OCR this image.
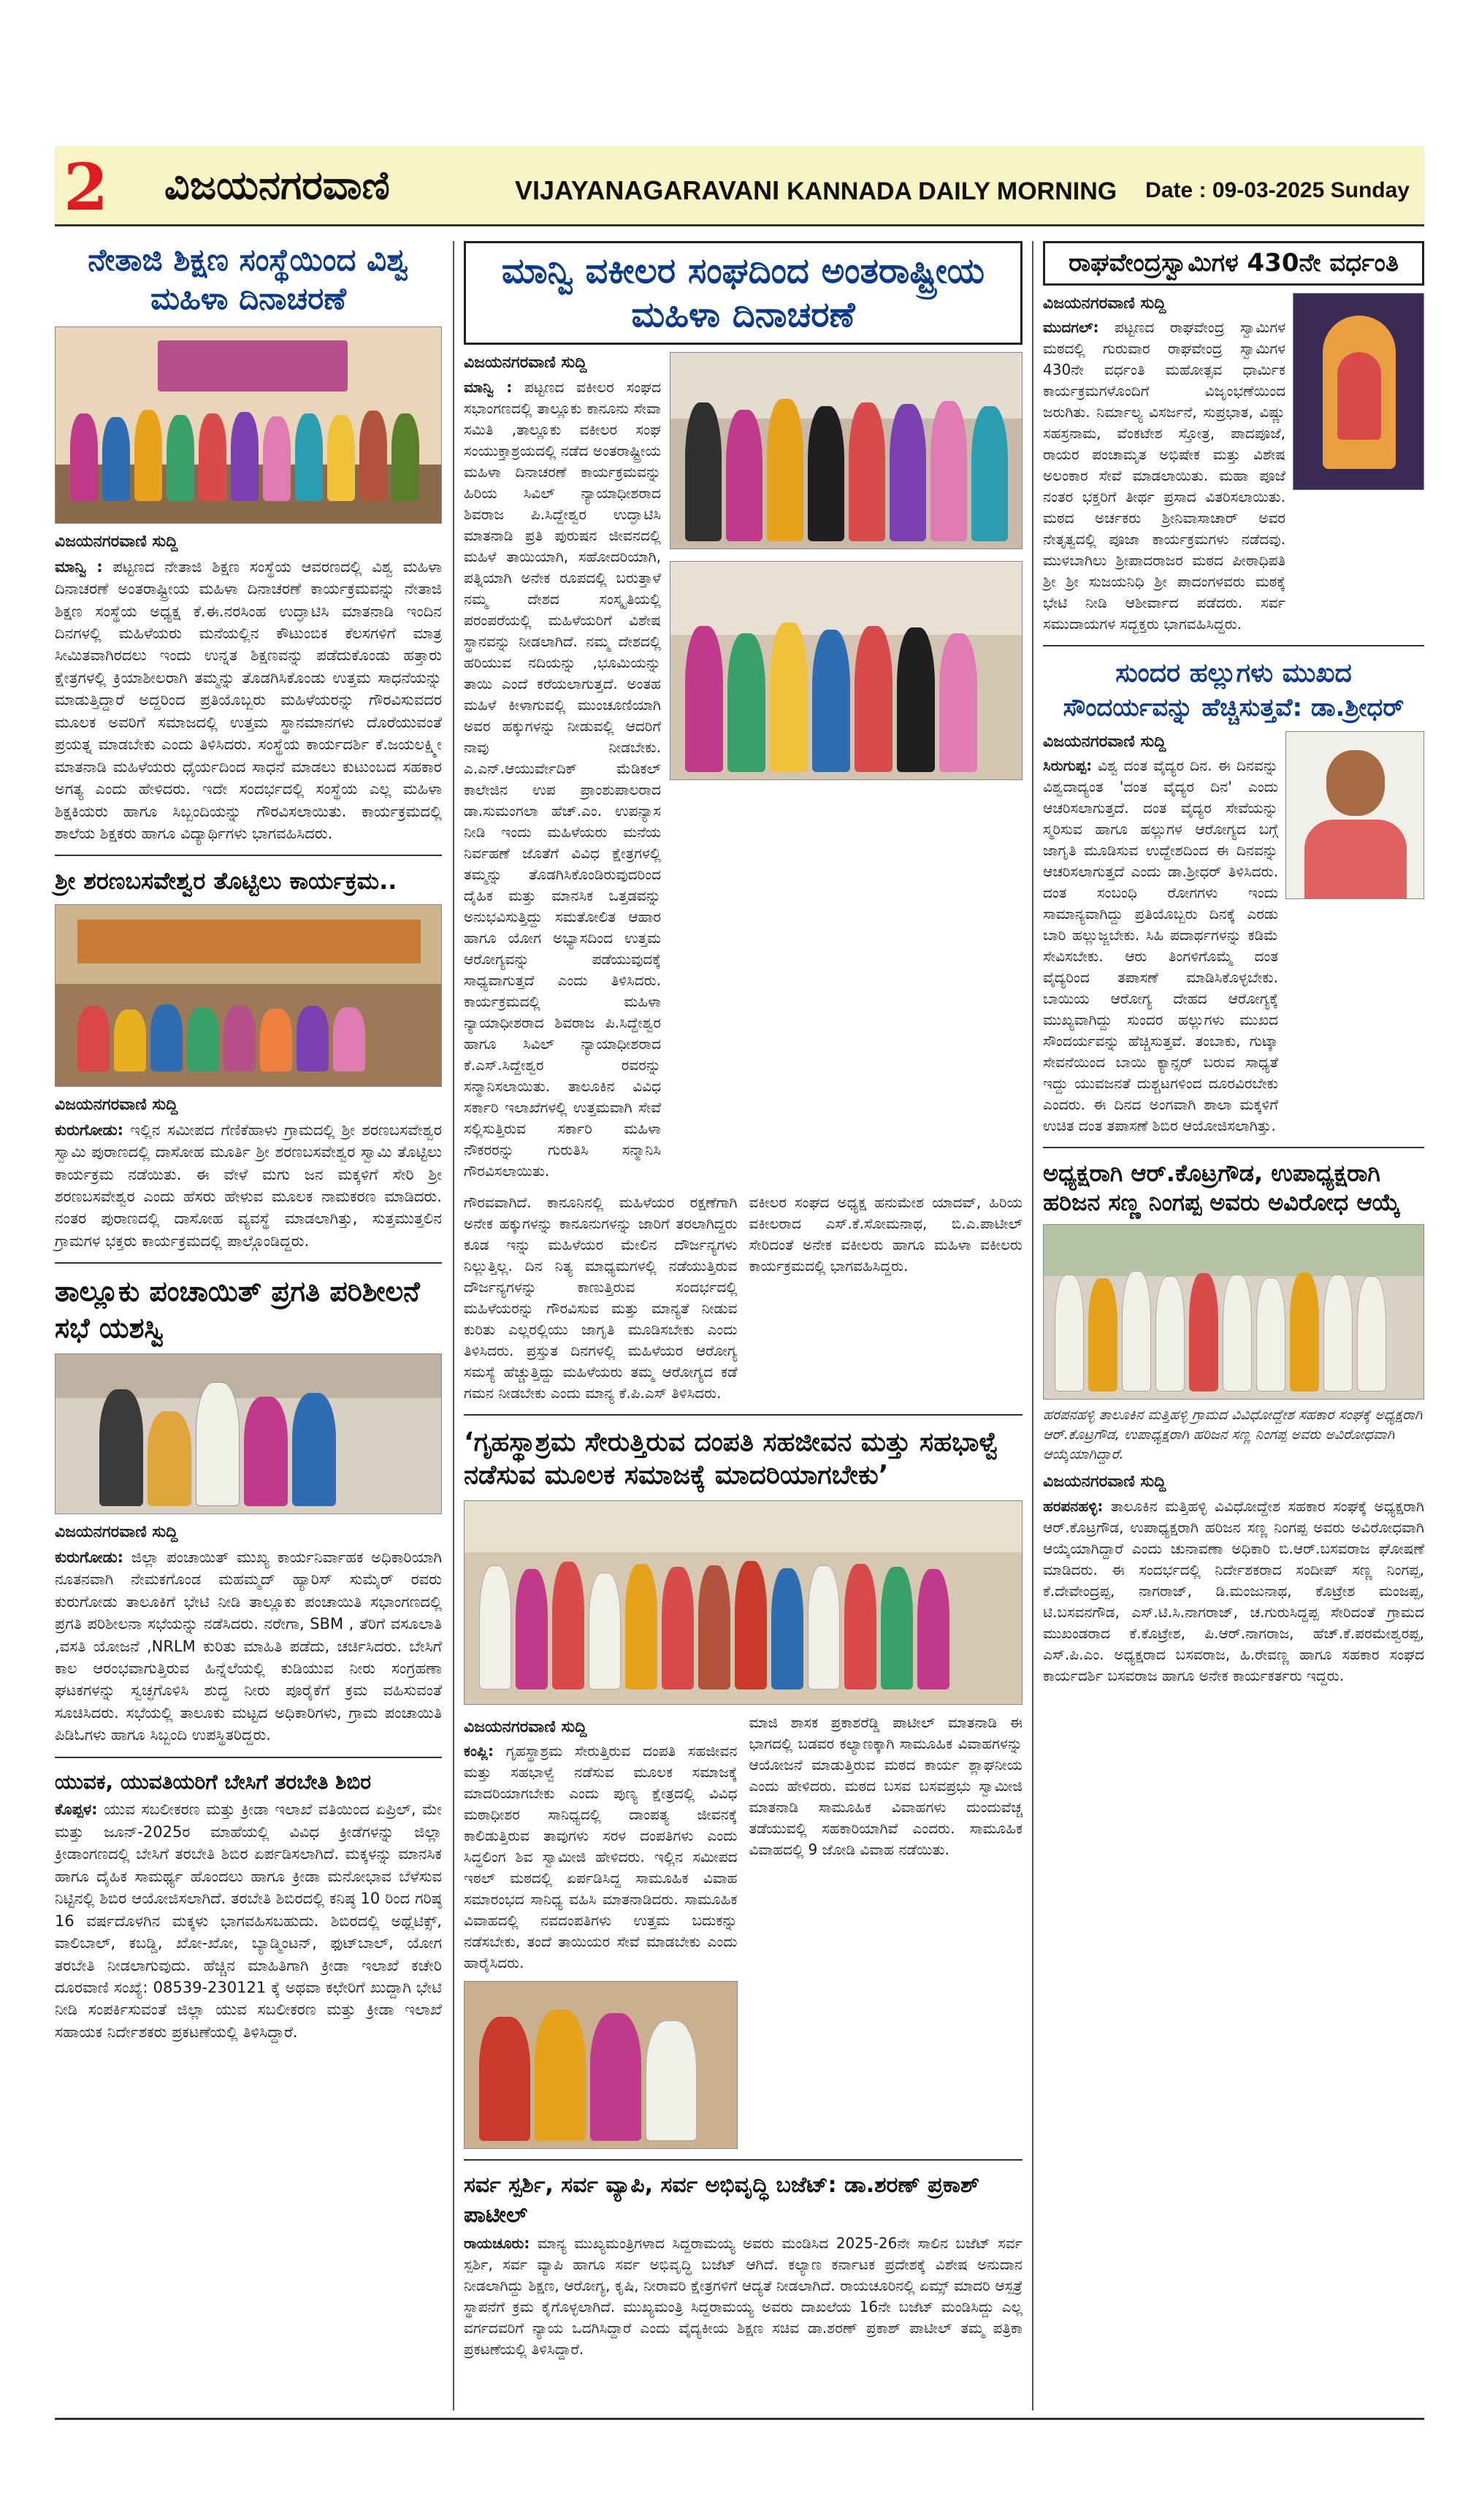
2 ವಿಜಯನಗರವಾಣಿ	VIJAYANAGARAVANI KANNADA DAILY MORNING Date : 09-03-2025 Sunday
ನೇತಾಜಿ ಶಿಕ್ಷಣ ಸಂಸ್ಥೆಯಿಂದ ವಿಶ್ವ ಮಹಿಳಾ ದಿನಾಚರಣೆ
ವಿಜಯನಗರವಾಣಿ ಸುದ್ದಿ
ಮಾನ್ವಿ : ಪಟ್ಟಣದ ನೇತಾಜಿ ಶಿಕ್ಷಣ ಸಂಸ್ಥೆಯ ಆವರಣದಲ್ಲಿ ವಿಶ್ವ ಮಹಿಳಾ ದಿನಾಚರಣೆ ಅಂತರಾಷ್ಟ್ರೀಯ ಮಹಿಳಾ ದಿನಾಚರಣೆ ಕಾರ್ಯಕ್ರಮವನ್ನು ನೇತಾಜಿ ಶಿಕ್ಷಣ ಸಂಸ್ಥೆಯ ಅಧ್ಯಕ್ಷ ಕೆ.ಈ.ನರಸಿಂಹ ಉದ್ಘಾಟಿಸಿ ಮಾತನಾಡಿ ಇಂದಿನ ದಿನಗಳಲ್ಲಿ ಮಹಿಳೆಯರು ಮನೆಯಲ್ಲಿನ ಕೌಟುಂಬಿಕ ಕೆಲಸಗಳಿಗೆ ಮಾತ್ರ ಸೀಮಿತವಾಗಿರದಲು ಇಂದು ಉನ್ನತ ಶಿಕ್ಷಣವನ್ನು ಪಡೆದುಕೊಂಡು ಹತ್ತಾರು ಕ್ಷೇತ್ರಗಳಲ್ಲಿ ಕ್ರಿಯಾಶೀಲರಾಗಿ ತಮ್ಮನ್ನು ತೊಡಗಿಸಿಕೊಂಡು ಉತ್ತಮ ಸಾಧನೆಯನ್ನು ಮಾಡುತ್ತಿದ್ದಾರೆ ಅದ್ದರಿಂದ ಪ್ರತಿಯೊಬ್ಬರು ಮಹಿಳೆಯರನ್ನು ಗೌರವಿಸುವದರ ಮೂಲಕ ಅವರಿಗೆ ಸಮಾಜದಲ್ಲಿ ಉತ್ತಮ ಸ್ಥಾನಮಾನಗಳು ದೊರೆಯುವಂತೆ ಪ್ರಯತ್ನ ಮಾಡಬೇಕು ಎಂದು ತಿಳಿಸಿದರು. ಸಂಸ್ಥೆಯ ಕಾರ್ಯದರ್ಶಿ ಕೆ.ಜಯಲಕ್ಷ್ಮೀ ಮಾತನಾಡಿ ಮಹಿಳೆಯರು ಧೈರ್ಯದಿಂದ ಸಾಧನೆ ಮಾಡಲು ಕುಟುಂಬದ ಸಹಕಾರ ಅಗತ್ಯ ಎಂದು ಹೇಳಿದರು. ಇದೇ ಸಂದರ್ಭದಲ್ಲಿ ಸಂಸ್ಥೆಯ ಎಲ್ಲ ಮಹಿಳಾ ಶಿಕ್ಷಕಿಯರು ಹಾಗೂ ಸಿಬ್ಬಂದಿಯನ್ನು ಗೌರವಿಸಲಾಯಿತು. ಕಾರ್ಯಕ್ರಮದಲ್ಲಿ ಶಾಲೆಯ ಶಿಕ್ಷಕರು ಹಾಗೂ ವಿದ್ಯಾರ್ಥಿಗಳು ಭಾಗವಹಿಸಿದರು.
ಶ್ರೀ ಶರಣಬಸವೇಶ್ವರ ತೊಟ್ಟಿಲು ಕಾರ್ಯಕ್ರಮ..
ವಿಜಯನಗರವಾಣಿ ಸುದ್ದಿ
ಕುರುಗೋಡು: ಇಲ್ಲಿನ ಸಮೀಪದ ಗೆಣಿಕೆಹಾಳು ಗ್ರಾಮದಲ್ಲಿ ಶ್ರೀ ಶರಣಬಸವೇಶ್ವರ ಸ್ವಾಮಿ ಪುರಾಣದಲ್ಲಿ ದಾಸೋಹ ಮೂರ್ತಿ ಶ್ರೀ ಶರಣಬಸವೇಶ್ವರ ಸ್ವಾಮಿ ತೊಟ್ಟಿಲು ಕಾರ್ಯಕ್ರಮ ನಡೆಯಿತು. ಈ ವೇಳೆ ಮಗು ಜನ ಮಕ್ಕಳಿಗೆ ಸೇರಿ ಶ್ರೀ ಶರಣಬಸವೇಶ್ವರ ಎಂದು ಹೆಸರು ಹೇಳುವ ಮೂಲಕ ನಾಮಕರಣ ಮಾಡಿದರು. ನಂತರ ಪುರಾಣದಲ್ಲಿ ದಾಸೋಹ ವ್ಯವಸ್ಥೆ ಮಾಡಲಾಗಿತ್ತು, ಸುತ್ತಮುತ್ತಲಿನ ಗ್ರಾಮಗಳ ಭಕ್ತರು ಕಾರ್ಯಕ್ರಮದಲ್ಲಿ ಪಾಲ್ಗೊಂಡಿದ್ದರು.
ತಾಲ್ಲೂಕು ಪಂಚಾಯಿತ್ ಪ್ರಗತಿ ಪರಿಶೀಲನೆ ಸಭೆ ಯಶಸ್ವಿ
ವಿಜಯನಗರವಾಣಿ ಸುದ್ದಿ
ಕುರುಗೋಡು: ಜಿಲ್ಲಾ ಪಂಚಾಯಿತ್ ಮುಖ್ಯ ಕಾರ್ಯನಿರ್ವಾಹಕ ಅಧಿಕಾರಿಯಾಗಿ ನೂತನವಾಗಿ ನೇಮಕಗೊಂಡ ಮಹಮ್ಮದ್ ಹ್ಯಾರಿಸ್ ಸುಮೈರ್ ರವರು ಕುರುಗೋಡು ತಾಲೂಕಿಗೆ ಭೇಟಿ ನೀಡಿ ತಾಲ್ಲೂಕು ಪಂಚಾಯಿತಿ ಸಭಾಂಗಣದಲ್ಲಿ ಪ್ರಗತಿ ಪರಿಶೀಲನಾ ಸಭೆಯನ್ನು ನಡೆಸಿದರು. ನರೇಗಾ, SBM , ತೆರಿಗೆ ವಸೂಲಾತಿ ,ವಸತಿ ಯೋಜನೆ ,NRLM ಕುರಿತು ಮಾಹಿತಿ ಪಡೆದು, ಚರ್ಚಿಸಿದರು. ಬೇಸಿಗೆ ಕಾಲ ಆರಂಭವಾಗುತ್ತಿರುವ ಹಿನ್ನೆಲೆಯಲ್ಲಿ ಕುಡಿಯುವ ನೀರು ಸಂಗ್ರಹಣಾ ಘಟಕಗಳನ್ನು ಸ್ವಚ್ಛಗೊಳಿಸಿ ಶುದ್ಧ ನೀರು ಪೂರೈಕೆಗೆ ಕ್ರಮ ವಹಿಸುವಂತೆ ಸೂಚಿಸಿದರು. ಸಭೆಯಲ್ಲಿ ತಾಲೂಕು ಮಟ್ಟದ ಅಧಿಕಾರಿಗಳು, ಗ್ರಾಮ ಪಂಚಾಯಿತಿ ಪಿಡಿಓಗಳು ಹಾಗೂ ಸಿಬ್ಬಂದಿ ಉಪಸ್ಥಿತರಿದ್ದರು.
ಯುವಕ, ಯುವತಿಯರಿಗೆ ಬೇಸಿಗೆ ತರಬೇತಿ ಶಿಬಿರ
ಕೊಪ್ಪಳ: ಯುವ ಸಬಲೀಕರಣ ಮತ್ತು ಕ್ರೀಡಾ ಇಲಾಖೆ ವತಿಯಿಂದ ಏಪ್ರಿಲ್, ಮೇ ಮತ್ತು ಜೂನ್-2025ರ ಮಾಹೆಯಲ್ಲಿ ವಿವಿಧ ಕ್ರೀಡೆಗಳನ್ನು ಜಿಲ್ಲಾ ಕ್ರೀಡಾಂಗಣದಲ್ಲಿ ಬೇಸಿಗೆ ತರಬೇತಿ ಶಿಬಿರ ಏರ್ಪಡಿಸಲಾಗಿದೆ. ಮಕ್ಕಳನ್ನು ಮಾನಸಿಕ ಹಾಗೂ ದೈಹಿಕ ಸಾಮರ್ಥ್ಯ ಹೊಂದಲು ಹಾಗೂ ಕ್ರೀಡಾ ಮನೋಭಾವ ಬೆಳೆಸುವ ನಿಟ್ಟಿನಲ್ಲಿ ಶಿಬಿರ ಆಯೋಜಿಸಲಾಗಿದೆ. ತರಬೇತಿ ಶಿಬಿರದಲ್ಲಿ ಕನಿಷ್ಠ 10 ರಿಂದ ಗರಿಷ್ಠ 16 ವರ್ಷದೊಳಗಿನ ಮಕ್ಕಳು ಭಾಗವಹಿಸಬಹುದು. ಶಿಬಿರದಲ್ಲಿ ಅಥ್ಲೆಟಿಕ್ಸ್, ವಾಲಿಬಾಲ್, ಕಬಡ್ಡಿ, ಖೋ-ಖೋ, ಬ್ಯಾಡ್ಮಿಂಟನ್, ಫುಟ್‌ಬಾಲ್, ಯೋಗ ತರಬೇತಿ ನೀಡಲಾಗುವುದು. ಹೆಚ್ಚಿನ ಮಾಹಿತಿಗಾಗಿ ಕ್ರೀಡಾ ಇಲಾಖೆ ಕಚೇರಿ ದೂರವಾಣಿ ಸಂಖ್ಯೆ: 08539-230121 ಕ್ಕೆ ಅಥವಾ ಕಛೇರಿಗೆ ಖುದ್ದಾಗಿ ಭೇಟಿ ನೀಡಿ ಸಂಪರ್ಕಿಸುವಂತೆ ಜಿಲ್ಲಾ ಯುವ ಸಬಲೀಕರಣ ಮತ್ತು ಕ್ರೀಡಾ ಇಲಾಖೆ ಸಹಾಯಕ ನಿರ್ದೇಶಕರು ಪ್ರಕಟಣೆಯಲ್ಲಿ ತಿಳಿಸಿದ್ದಾರೆ.
ಮಾನ್ವಿ ವಕೀಲರ ಸಂಘದಿಂದ ಅಂತರಾಷ್ಟ್ರೀಯ ಮಹಿಳಾ ದಿನಾಚರಣೆ
ವಿಜಯನಗರವಾಣಿ ಸುದ್ದಿ
ಮಾನ್ವಿ : ಪಟ್ಟಣದ ವಕೀಲರ ಸಂಘದ ಸಭಾಂಗಣದಲ್ಲಿ ತಾಲ್ಲೂಕು ಕಾನೂನು ಸೇವಾ ಸಮಿತಿ ,ತಾಲ್ಲೂಕು ವಕೀಲರ ಸಂಘ ಸಂಯುಕ್ತಾಶ್ರಯದಲ್ಲಿ ನಡೆದ ಅಂತರಾಷ್ಟ್ರೀಯ ಮಹಿಳಾ ದಿನಾಚರಣೆ ಕಾರ್ಯಕ್ರಮವನ್ನು ಹಿರಿಯ ಸಿವಿಲ್ ನ್ಯಾಯಾಧೀಶರಾದ ಶಿವರಾಜ ಪಿ.ಸಿದ್ದೇಶ್ವರ ಉದ್ಘಾಟಿಸಿ ಮಾತನಾಡಿ ಪ್ರತಿ ಪುರುಷನ ಜೀವನದಲ್ಲಿ ಮಹಿಳೆ ತಾಯಿಯಾಗಿ, ಸಹೋದರಿಯಾಗಿ, ಪತ್ನಿಯಾಗಿ ಅನೇಕ ರೂಪದಲ್ಲಿ ಬರುತ್ತಾಳೆ ನಮ್ಮ ದೇಶದ ಸಂಸ್ಕೃತಿಯಲ್ಲಿ ಪರಂಪರೆಯಲ್ಲಿ ಮಹಿಳೆಯರಿಗೆ ವಿಶೇಷ ಸ್ಥಾನವನ್ನು ನೀಡಲಾಗಿದೆ. ನಮ್ಮ ದೇಶದಲ್ಲಿ ಹರಿಯುವ ನದಿಯನ್ನು ,ಭೂಮಿಯನ್ನು ತಾಯಿ ಎಂದೆ ಕರೆಯಲಾಗುತ್ತದೆ. ಅಂತಹ ಮಹಿಳೆ ಕೀಳಾಗುವಲ್ಲಿ ಮುಂಚೂಣಿಯಾಗಿ ಅವರ ಹಕ್ಕುಗಳನ್ನು ನೀಡುವಲ್ಲಿ ಆದರಿಗೆ ನಾವು ನೀಡಬೇಕು. ಎ.ಎನ್.ಆಯುರ್ವೇದಿಕ್ ಮೆಡಿಕಲ್ ಕಾಲೇಜಿನ ಉಪ ಪ್ರಾಂಶುಪಾಲರಾದ ಡಾ.ಸುಮಂಗಲಾ ಹೆಚ್.ಎಂ. ಉಪನ್ಯಾಸ ನೀಡಿ ಇಂದು ಮಹಿಳೆಯರು ಮನೆಯ ನಿರ್ವಹಣೆ ಜೊತೆಗೆ ವಿವಿಧ ಕ್ಷೇತ್ರಗಳಲ್ಲಿ ತಮ್ಮನ್ನು ತೊಡಗಿಸಿಕೊಂಡಿರುವುದರಿಂದ ದೈಹಿಕ ಮತ್ತು ಮಾನಸಿಕ ಒತ್ತಡವನ್ನು ಅನುಭವಿಸುತ್ತಿದ್ದು ಸಮತೋಲಿತ ಆಹಾರ ಹಾಗೂ ಯೋಗ ಅಭ್ಯಾಸದಿಂದ ಉತ್ತಮ ಆರೋಗ್ಯವನ್ನು ಪಡೆಯುವುದಕ್ಕೆ ಸಾಧ್ಯವಾಗುತ್ತದೆ ಎಂದು ತಿಳಿಸಿದರು. ಕಾರ್ಯಕ್ರಮದಲ್ಲಿ ಮಹಿಳಾ ನ್ಯಾಯಾಧೀಶರಾದ ಶಿವರಾಜ ಪಿ.ಸಿದ್ದೇಶ್ವರ ಹಾಗೂ ಸಿವಿಲ್ ನ್ಯಾಯಾಧೀಶರಾದ ಕೆ.ಎಸ್.ಸಿದ್ದೇಶ್ವರ ರವರನ್ನು ಸನ್ಮಾನಿಸಲಾಯಿತು. ತಾಲೂಕಿನ ವಿವಿಧ ಸರ್ಕಾರಿ ಇಲಾಖೆಗಳಲ್ಲಿ ಉತ್ತಮವಾಗಿ ಸೇವೆ ಸಲ್ಲಿಸುತ್ತಿರುವ ಸರ್ಕಾರಿ ಮಹಿಳಾ ನೌಕರರನ್ನು ಗುರುತಿಸಿ ಸನ್ಮಾನಿಸಿ ಗೌರವಿಸಲಾಯಿತು.
ಗೌರವವಾಗಿದೆ. ಕಾನೂನಿನಲ್ಲಿ ಮಹಿಳೆಯರ ರಕ್ಷಣೆಗಾಗಿ ಅನೇಕ ಹಕ್ಕುಗಳನ್ನು ಕಾನೂನುಗಳನ್ನು ಜಾರಿಗೆ ತರಲಾಗಿದ್ದರು ಕೂಡ ಇನ್ನು ಮಹಿಳೆಯರ ಮೇಲಿನ ದೌರ್ಜನ್ಯಗಳು ನಿಲ್ಲುತ್ತಿಲ್ಲ. ದಿನ ನಿತ್ಯ ಮಾಧ್ಯಮಗಳಲ್ಲಿ ನಡೆಯುತ್ತಿರುವ ದೌರ್ಜನ್ಯಗಳನ್ನು ಕಾಣುತ್ತಿರುವ ಸಂದರ್ಭದಲ್ಲಿ ಮಹಿಳೆಯರನ್ನು ಗೌರವಿಸುವ ಮತ್ತು ಮಾನ್ಯತೆ ನೀಡುವ ಕುರಿತು ಎಲ್ಲರಲ್ಲಿಯು ಜಾಗೃತಿ ಮೂಡಿಸಬೇಕು ಎಂದು ತಿಳಿಸಿದರು. ಪ್ರಸ್ತುತ ದಿನಗಳಲ್ಲಿ ಮಹಿಳೆಯರ ಆರೋಗ್ಯ ಸಮಸ್ಯೆ ಹೆಚ್ಚುತ್ತಿದ್ದು ಮಹಿಳೆಯರು ತಮ್ಮ ಆರೋಗ್ಯದ ಕಡೆ ಗಮನ ನೀಡಬೇಕು ಎಂದು ಮಾನ್ಯ ಕೆ.ಪಿ.ಎಸ್ ತಿಳಿಸಿದರು.
ವಕೀಲರ ಸಂಘದ ಅಧ್ಯಕ್ಷ ಹನುಮೇಶ ಯಾದವ್, ಹಿರಿಯ ವಕೀಲರಾದ ಎಸ್.ಕೆ.ಸೋಮನಾಥ, ಬಿ.ಎ.ಪಾಟೀಲ್ ಸೇರಿದಂತೆ ಅನೇಕ ವಕೀಲರು ಹಾಗೂ ಮಹಿಳಾ ವಕೀಲರು ಕಾರ್ಯಕ್ರಮದಲ್ಲಿ ಭಾಗವಹಿಸಿದ್ದರು.
‘ಗೃಹಸ್ಥಾಶ್ರಮ ಸೇರುತ್ತಿರುವ ದಂಪತಿ ಸಹಜೀವನ ಮತ್ತು ಸಹಭಾಳ್ವೆ ನಡೆಸುವ ಮೂಲಕ ಸಮಾಜಕ್ಕೆ ಮಾದರಿಯಾಗಬೇಕು’
ವಿಜಯನಗರವಾಣಿ ಸುದ್ದಿ
ಕಂಪ್ಲಿ: ಗೃಹಸ್ಥಾಶ್ರಮ ಸೇರುತ್ತಿರುವ ದಂಪತಿ ಸಹಜೀವನ ಮತ್ತು ಸಹಭಾಳ್ವೆ ನಡೆಸುವ ಮೂಲಕ ಸಮಾಜಕ್ಕೆ ಮಾದರಿಯಾಗಬೇಕು ಎಂದು ಪುಣ್ಯ ಕ್ಷೇತ್ರದಲ್ಲಿ ವಿವಿಧ ಮಠಾಧೀಶರ ಸಾನಿಧ್ಯದಲ್ಲಿ ದಾಂಪತ್ಯ ಜೀವನಕ್ಕೆ ಕಾಲಿಡುತ್ತಿರುವ ತಾವುಗಳು ಸರಳ ದಂಪತಿಗಳು ಎಂದು ಸಿದ್ಧಲಿಂಗ ಶಿವ ಸ್ವಾಮೀಜಿ ಹೇಳಿದರು. ಇಲ್ಲಿನ ಸಮೀಪದ ಇಠಲ್ ಮಠದಲ್ಲಿ ಏರ್ಪಡಿಸಿದ್ದ ಸಾಮೂಹಿಕ ವಿವಾಹ ಸಮಾರಂಭದ ಸಾನಿಧ್ಯ ವಹಿಸಿ ಮಾತನಾಡಿದರು. ಸಾಮೂಹಿಕ ವಿವಾಹದಲ್ಲಿ ನವದಂಪತಿಗಳು ಉತ್ತಮ ಬದುಕನ್ನು ನಡೆಸಬೇಕು, ತಂದೆ ತಾಯಿಯರ ಸೇವೆ ಮಾಡಬೇಕು ಎಂದು ಹಾರೈಸಿದರು.
ಮಾಜಿ ಶಾಸಕ ಪ್ರಕಾಶರೆಡ್ಡಿ ಪಾಟೀಲ್ ಮಾತನಾಡಿ ಈ ಭಾಗದಲ್ಲಿ ಬಡವರ ಕಲ್ಯಾಣಕ್ಕಾಗಿ ಸಾಮೂಹಿಕ ವಿವಾಹಗಳನ್ನು ಆಯೋಜನೆ ಮಾಡುತ್ತಿರುವ ಮಠದ ಕಾರ್ಯ ಶ್ಲಾಘನೀಯ ಎಂದು ಹೇಳಿದರು. ಮಠದ ಬಸವ ಬಸವಪ್ರಭು ಸ್ವಾಮೀಜಿ ಮಾತನಾಡಿ ಸಾಮೂಹಿಕ ವಿವಾಹಗಳು ದುಂದುವೆಚ್ಚ ತಡೆಯುವಲ್ಲಿ ಸಹಕಾರಿಯಾಗಿವೆ ಎಂದರು. ಸಾಮೂಹಿಕ ವಿವಾಹದಲ್ಲಿ 9 ಜೋಡಿ ವಿವಾಹ ನಡೆಯಿತು.
ಸರ್ವ ಸ್ಪರ್ಶಿ, ಸರ್ವ ವ್ಯಾಪಿ, ಸರ್ವ ಅಭಿವೃದ್ಧಿ ಬಜೆಟ್: ಡಾ.ಶರಣ್ ಪ್ರಕಾಶ್ ಪಾಟೀಲ್
ರಾಯಚೂರು: ಮಾನ್ಯ ಮುಖ್ಯಮಂತ್ರಿಗಳಾದ ಸಿದ್ದರಾಮಯ್ಯ ಅವರು ಮಂಡಿಸಿದ 2025-26ನೇ ಸಾಲಿನ ಬಜೆಟ್ ಸರ್ವ ಸ್ಪರ್ಶಿ, ಸರ್ವ ವ್ಯಾಪಿ ಹಾಗೂ ಸರ್ವ ಅಭಿವೃದ್ಧಿ ಬಜೆಟ್ ಆಗಿದೆ. ಕಲ್ಯಾಣ ಕರ್ನಾಟಕ ಪ್ರದೇಶಕ್ಕೆ ವಿಶೇಷ ಅನುದಾನ ನೀಡಲಾಗಿದ್ದು ಶಿಕ್ಷಣ, ಆರೋಗ್ಯ, ಕೃಷಿ, ನೀರಾವರಿ ಕ್ಷೇತ್ರಗಳಿಗೆ ಆದ್ಯತೆ ನೀಡಲಾಗಿದೆ. ರಾಯಚೂರಿನಲ್ಲಿ ಏಮ್ಸ್ ಮಾದರಿ ಆಸ್ಪತ್ರೆ ಸ್ಥಾಪನೆಗೆ ಕ್ರಮ ಕೈಗೊಳ್ಳಲಾಗಿದೆ. ಮುಖ್ಯಮಂತ್ರಿ ಸಿದ್ದರಾಮಯ್ಯ ಅವರು ದಾಖಲೆಯ 16ನೇ ಬಜೆಟ್ ಮಂಡಿಸಿದ್ದು ಎಲ್ಲ ವರ್ಗದವರಿಗೆ ನ್ಯಾಯ ಒದಗಿಸಿದ್ದಾರೆ ಎಂದು ವೈದ್ಯಕೀಯ ಶಿಕ್ಷಣ ಸಚಿವ ಡಾ.ಶರಣ್ ಪ್ರಕಾಶ್ ಪಾಟೀಲ್ ತಮ್ಮ ಪತ್ರಿಕಾ ಪ್ರಕಟಣೆಯಲ್ಲಿ ತಿಳಿಸಿದ್ದಾರೆ.
ರಾಘವೇಂದ್ರಸ್ವಾಮಿಗಳ 430ನೇ ವರ್ಧಂತಿ
ವಿಜಯನಗರವಾಣಿ ಸುದ್ದಿ
ಮುದಗಲ್: ಪಟ್ಟಣದ ರಾಘವೇಂದ್ರ ಸ್ವಾಮಿಗಳ ಮಠದಲ್ಲಿ ಗುರುವಾರ ರಾಘವೇಂದ್ರ ಸ್ವಾಮಿಗಳ 430ನೇ ವರ್ಧಂತಿ ಮಹೋತ್ಸವ ಧಾರ್ಮಿಕ ಕಾರ್ಯಕ್ರಮಗಳೊಂದಿಗೆ ವಿಜೃಂಭಣೆಯಿಂದ ಜರುಗಿತು. ನಿರ್ಮಾಲ್ಯ ವಿಸರ್ಜನೆ, ಸುಪ್ರಭಾತ, ವಿಷ್ಣು ಸಹಸ್ರನಾಮ, ವೆಂಕಟೇಶ ಸ್ತೋತ್ರ, ಪಾದಪೂಜೆ, ರಾಯರ ಪಂಚಾಮೃತ ಅಭಿಷೇಕ ಮತ್ತು ವಿಶೇಷ ಅಲಂಕಾರ ಸೇವೆ ಮಾಡಲಾಯಿತು. ಮಹಾ ಪೂಜೆ ನಂತರ ಭಕ್ತರಿಗೆ ತೀರ್ಥ ಪ್ರಸಾದ ವಿತರಿಸಲಾಯಿತು. ಮಠದ ಅರ್ಚಕರು ಶ್ರೀನಿವಾಸಾಚಾರ್ ಅವರ ನೇತೃತ್ವದಲ್ಲಿ ಪೂಜಾ ಕಾರ್ಯಕ್ರಮಗಳು ನಡೆದವು. ಮುಳಬಾಗಿಲು ಶ್ರೀಪಾದರಾಜರ ಮಠದ ಪೀಠಾಧಿಪತಿ ಶ್ರೀ ಶ್ರೀ ಸುಜಯನಿಧಿ ಶ್ರೀ ಪಾದಂಗಳವರು ಮಠಕ್ಕೆ ಭೇಟಿ ನೀಡಿ ಆಶೀರ್ವಾದ ಪಡೆದರು. ಸರ್ವ ಸಮುದಾಯಗಳ ಸದ್ಭಕ್ತರು ಭಾಗವಹಿಸಿದ್ದರು.
ಸುಂದರ ಹಲ್ಲುಗಳು ಮುಖದ
ಸೌಂದರ್ಯವನ್ನು ಹೆಚ್ಚಿಸುತ್ತವೆ: ಡಾ.ಶ್ರೀಧರ್
ವಿಜಯನಗರವಾಣಿ ಸುದ್ದಿ
ಸಿರುಗುಪ್ಪ: ವಿಶ್ವ ದಂತ ವೈದ್ಯರ ದಿನ. ಈ ದಿನವನ್ನು ವಿಶ್ವದಾದ್ಯಂತ 'ದಂತ ವೈದ್ಯರ ದಿನ' ಎಂದು ಆಚರಿಸಲಾಗುತ್ತದೆ. ದಂತ ವೈದ್ಯರ ಸೇವೆಯನ್ನು ಸ್ಮರಿಸುವ ಹಾಗೂ ಹಲ್ಲುಗಳ ಆರೋಗ್ಯದ ಬಗ್ಗೆ ಜಾಗೃತಿ ಮೂಡಿಸುವ ಉದ್ದೇಶದಿಂದ ಈ ದಿನವನ್ನು ಆಚರಿಸಲಾಗುತ್ತದೆ ಎಂದು ಡಾ.ಶ್ರೀಧರ್ ತಿಳಿಸಿದರು. ದಂತ ಸಂಬಂಧಿ ರೋಗಗಳು ಇಂದು ಸಾಮಾನ್ಯವಾಗಿದ್ದು ಪ್ರತಿಯೊಬ್ಬರು ದಿನಕ್ಕೆ ಎರಡು ಬಾರಿ ಹಲ್ಲುಜ್ಜಬೇಕು. ಸಿಹಿ ಪದಾರ್ಥಗಳನ್ನು ಕಡಿಮೆ ಸೇವಿಸಬೇಕು. ಆರು ತಿಂಗಳಿಗೊಮ್ಮೆ ದಂತ ವೈದ್ಯರಿಂದ ತಪಾಸಣೆ ಮಾಡಿಸಿಕೊಳ್ಳಬೇಕು. ಬಾಯಿಯ ಆರೋಗ್ಯ ದೇಹದ ಆರೋಗ್ಯಕ್ಕೆ ಮುಖ್ಯವಾಗಿದ್ದು ಸುಂದರ ಹಲ್ಲುಗಳು ಮುಖದ ಸೌಂದರ್ಯವನ್ನು ಹೆಚ್ಚಿಸುತ್ತವೆ. ತಂಬಾಕು, ಗುಟ್ಕಾ ಸೇವನೆಯಿಂದ ಬಾಯಿ ಕ್ಯಾನ್ಸರ್ ಬರುವ ಸಾಧ್ಯತೆ ಇದ್ದು ಯುವಜನತೆ ದುಶ್ಚಟಗಳಿಂದ ದೂರವಿರಬೇಕು ಎಂದರು. ಈ ದಿನದ ಅಂಗವಾಗಿ ಶಾಲಾ ಮಕ್ಕಳಿಗೆ ಉಚಿತ ದಂತ ತಪಾಸಣೆ ಶಿಬಿರ ಆಯೋಜಿಸಲಾಗಿತ್ತು.
ಅಧ್ಯಕ್ಷರಾಗಿ ಆರ್.ಕೊಟ್ರಗೌಡ, ಉಪಾಧ್ಯಕ್ಷರಾಗಿ ಹರಿಜನ ಸಣ್ಣ ನಿಂಗಪ್ಪ ಅವರು ಅವಿರೋಧ ಆಯ್ಕೆ
ಹರಪನಹಳ್ಳಿ ತಾಲೂಕಿನ ಮತ್ತಿಹಳ್ಳಿ ಗ್ರಾಮದ ವಿವಿಧೋದ್ದೇಶ ಸಹಕಾರ ಸಂಘಕ್ಕೆ ಅಧ್ಯಕ್ಷರಾಗಿ ಆರ್.ಕೊಟ್ರಗೌಡ, ಉಪಾಧ್ಯಕ್ಷರಾಗಿ ಹರಿಜನ ಸಣ್ಣ ನಿಂಗಪ್ಪ ಅವರು ಅವಿರೋಧವಾಗಿ ಆಯ್ಕೆಯಾಗಿದ್ದಾರೆ.
ವಿಜಯನಗರವಾಣಿ ಸುದ್ದಿ
ಹರಪನಹಳ್ಳಿ: ತಾಲೂಕಿನ ಮತ್ತಿಹಳ್ಳಿ ವಿವಿಧೋದ್ದೇಶ ಸಹಕಾರ ಸಂಘಕ್ಕೆ ಅಧ್ಯಕ್ಷರಾಗಿ ಆರ್.ಕೊಟ್ರಗೌಡ, ಉಪಾಧ್ಯಕ್ಷರಾಗಿ ಹರಿಜನ ಸಣ್ಣ ನಿಂಗಪ್ಪ ಅವರು ಅವಿರೋಧವಾಗಿ ಆಯ್ಕೆಯಾಗಿದ್ದಾರೆ ಎಂದು ಚುನಾವಣಾ ಅಧಿಕಾರಿ ಬಿ.ಆರ್.ಬಸವರಾಜ ಘೋಷಣೆ ಮಾಡಿದರು. ಈ ಸಂದರ್ಭದಲ್ಲಿ ನಿರ್ದೇಶಕರಾದ ಸಂದೀಪ್ ಸಣ್ಣ ನಿಂಗಪ್ಪ, ಕೆ.ದೇವೇಂದ್ರಪ್ಪ, ನಾಗರಾಜ್, ಡಿ.ಮಂಜುನಾಥ, ಕೊಟ್ರೇಶ ಮಂಜಪ್ಪ, ಟಿ.ಬಸವನಗೌಡ, ಎಸ್.ಟಿ.ಸಿ.ನಾಗರಾಜ್, ಚ.ಗುರುಸಿದ್ದಪ್ಪ ಸೇರಿದಂತೆ ಗ್ರಾಮದ ಮುಖಂಡರಾದ ಕೆ.ಕೊಟ್ರೇಶ, ಪಿ.ಆರ್.ನಾಗರಾಜ, ಹೆಚ್.ಕೆ.ಪರಮೇಶ್ವರಪ್ಪ, ಎಸ್.ಪಿ.ಎಂ. ಅಧ್ಯಕ್ಷರಾದ ಬಸವರಾಜ, ಹಿ.ರೇವಣ್ಣ ಹಾಗೂ ಸಹಕಾರ ಸಂಘದ ಕಾರ್ಯದರ್ಶಿ ಬಸವರಾಜ ಹಾಗೂ ಅನೇಕ ಕಾರ್ಯಕರ್ತರು ಇದ್ದರು.
